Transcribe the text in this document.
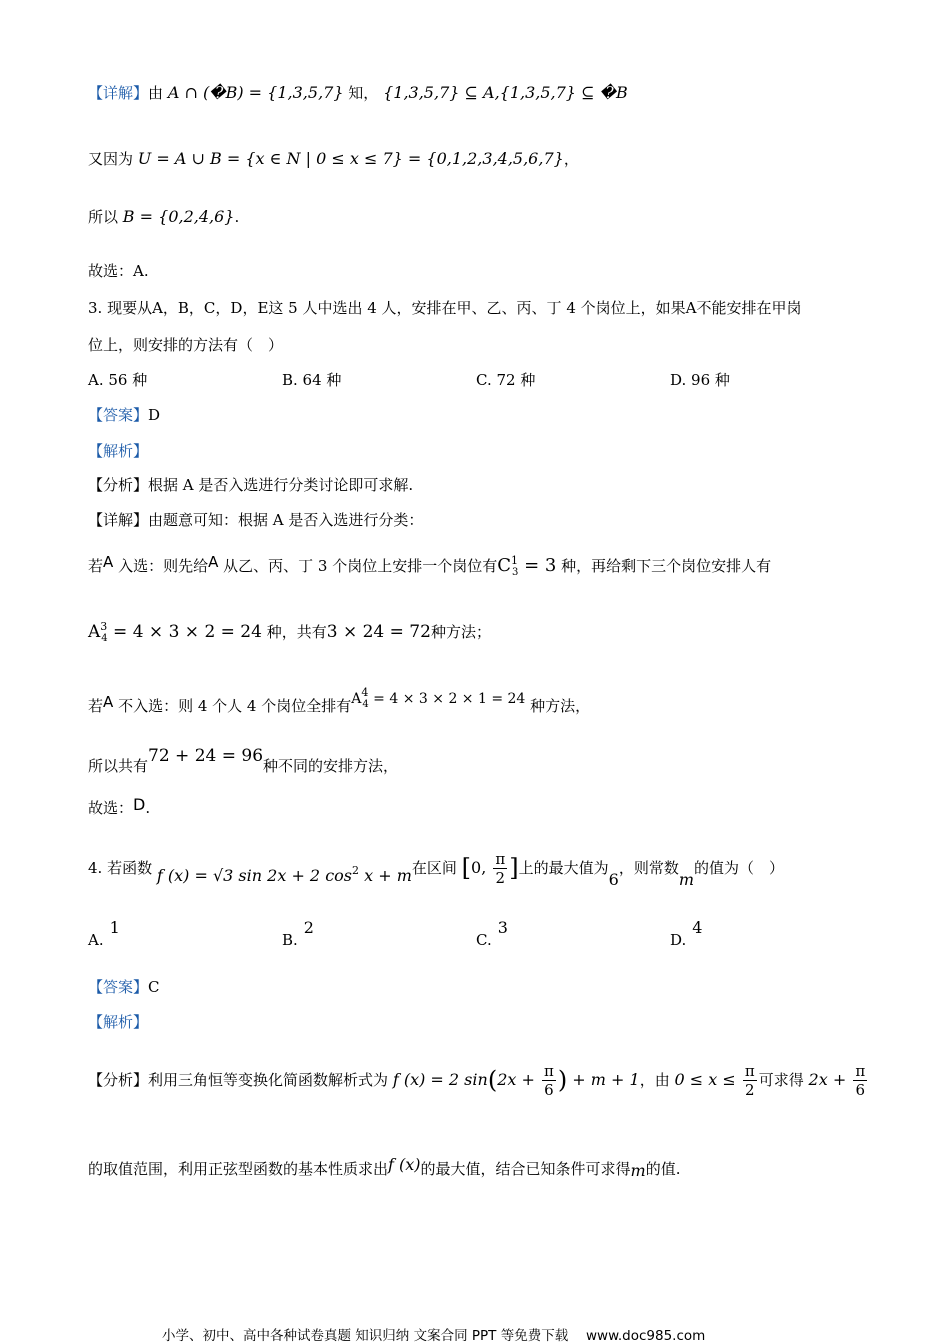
【详解】由 A ∩ (�B) = {1,3,5,7} 知， {1,3,5,7} ⊆ A,{1,3,5,7} ⊆ �B
又因为 U = A ∪ B = {x ∈ N | 0 ≤ x ≤ 7} = {0,1,2,3,4,5,6,7}，
所以 B = {0,2,4,6}.
故选：A.
3. 现要从A，B，C，D，E这 5 人中选出 4 人，安排在甲、乙、丙、丁 4 个岗位上，如果A不能安排在甲岗
位上，则安排的方法有（　）
A. 56 种	B. 64 种	C. 72 种	D. 96 种
【答案】D
【解析】
【分析】根据 A 是否入选进行分类讨论即可求解.
【详解】由题意可知：根据 A 是否入选进行分类：
若A 入选：则先给A 从乙、丙、丁 3 个岗位上安排一个岗位有$C^1_3 = 3$ 种，再给剩下三个岗位安排人有
$A^3_4 = 4 \times 3 \times 2 = 24$ 种，共有3 × 24 = 72种方法；
若A 不入选：则 4 个人 4 个岗位全排有$A^4_4 = 4 \times 3 \times 2 \times 1 = 24$ 种方法，
所以共有72 + 24 = 96种不同的安排方法，
故选：D.
4. 若函数 f (x) = √3 sin 2x + 2 $\cos^2 x + m$在区间 [0, $\frac{\pi}{2}$ ]上的最大值为6，则常数m的值为（　）
A.1
B.2
C.3
D.4
【答案】C
【解析】
【分析】利用三角恒等变换化简函数解析式为 f (x) = 2 $\sin(2x + \frac{\pi}{6}$ ) + m + 1，由 $0 \le x \le \frac{\pi}{2}$ 可求得 $2x + \frac{\pi}{6}$
的取值范围，利用正弦型函数的基本性质求出f (x)的最大值，结合已知条件可求得m的值.
小学、初中、高中各种试卷真题 知识归纳 文案合同 PPT 等免费下载　 www.doc985.com
